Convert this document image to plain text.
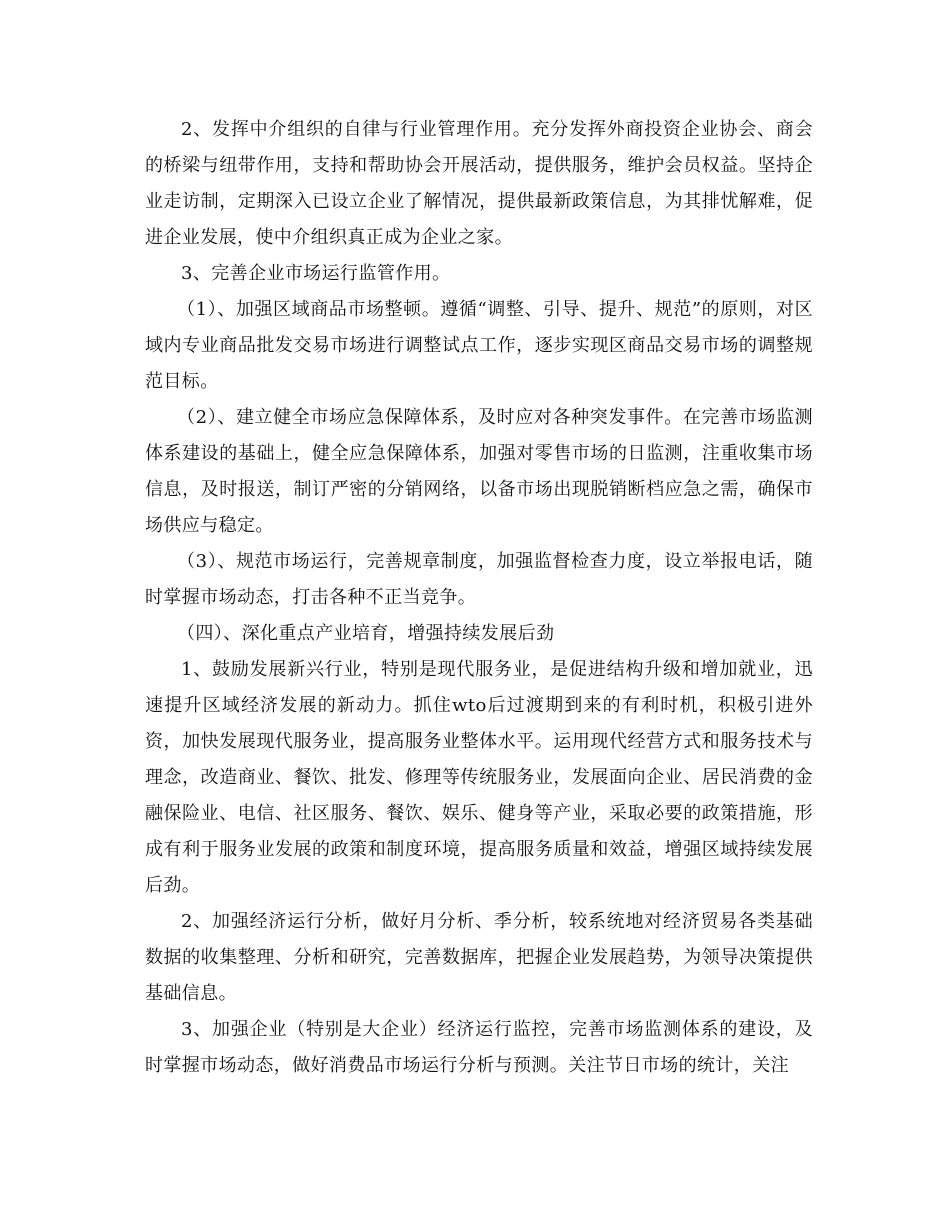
2、发挥中介组织的自律与行业管理作用。充分发挥外商投资企业协会、商会的桥梁与纽带作用，支持和帮助协会开展活动，提供服务，维护会员权益。坚持企业走访制，定期深入已设立企业了解情况，提供最新政策信息，为其排忧解难，促进企业发展，使中介组织真正成为企业之家。

3、完善企业市场运行监管作用。

（1）、加强区域商品市场整顿。遵循“调整、引导、提升、规范”的原则，对区域内专业商品批发交易市场进行调整试点工作，逐步实现区商品交易市场的调整规范目标。

（2）、建立健全市场应急保障体系，及时应对各种突发事件。在完善市场监测体系建设的基础上，健全应急保障体系，加强对零售市场的日监测，注重收集市场信息，及时报送，制订严密的分销网络，以备市场出现脱销断档应急之需，确保市场供应与稳定。

（3）、规范市场运行，完善规章制度，加强监督检查力度，设立举报电话，随时掌握市场动态，打击各种不正当竞争。

（四）、深化重点产业培育，增强持续发展后劲

1、鼓励发展新兴行业，特别是现代服务业，是促进结构升级和增加就业，迅速提升区域经济发展的新动力。抓住wto后过渡期到来的有利时机，积极引进外资，加快发展现代服务业，提高服务业整体水平。运用现代经营方式和服务技术与理念，改造商业、餐饮、批发、修理等传统服务业，发展面向企业、居民消费的金融保险业、电信、社区服务、餐饮、娱乐、健身等产业，采取必要的政策措施，形成有利于服务业发展的政策和制度环境，提高服务质量和效益，增强区域持续发展后劲。

2、加强经济运行分析，做好月分析、季分析，较系统地对经济贸易各类基础数据的收集整理、分析和研究，完善数据库，把握企业发展趋势，为领导决策提供基础信息。

3、加强企业（特别是大企业）经济运行监控，完善市场监测体系的建设，及时掌握市场动态，做好消费品市场运行分析与预测。关注节日市场的统计，关注
